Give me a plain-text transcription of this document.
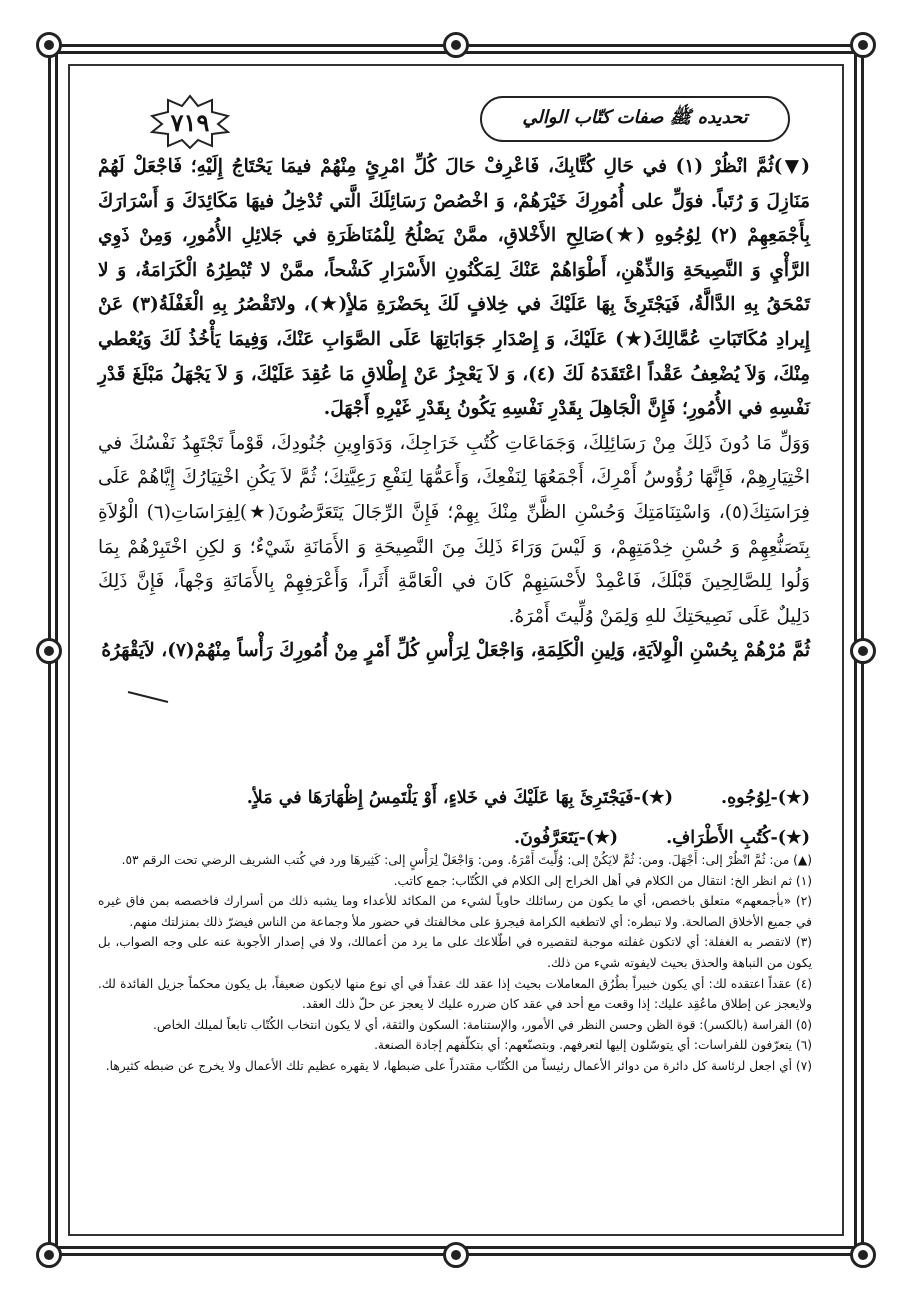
تحديده ﷺ صفات كتّاب الوالي
٧١٩

(▼)ثُمَّ انْظُرْ (١) في حَالِ كُتَّابِكَ، فَاعْرِفْ حَالَ كُلِّ امْرِئٍ مِنْهُمْ فيمَا يَحْتَاجُ إِلَيْهِ؛ فَاجْعَلْ لَهُمْ مَنَازِلَ وَ رُتَباً. فوَلِّ على أُمُورِكَ خَيْرَهُمْ، وَ اخْصُصْ رَسَائِلَكَ الَّتي تُدْخِلُ فيهَا مَكَائِدَكَ وَ أَسْرَارَكَ بِأَجْمَعِهِمْ (٢) لِوُجُوهِ (★)صَالِحِ الأَخْلاقِ، ممَّنْ يَصْلُحُ لِلْمُنَاظَرَةِ في جَلائِلِ الأُمُورِ، وَمِنْ ذَوِي الرَّأْيِ وَ النَّصِيحَةِ وَالذِّهْنِ، أَطْوَاهُمْ عَنْكَ لِمَكْنُونِ الأَسْرَارِ كَشْحاً، ممَّنْ لا تُبْطِرُهُ الْكَرَامَةُ، وَ لا تَمْحَقُ بِهِ الدَّالَّةُ، فَيَجْتَرِئَ بِهَا عَلَيْكَ في خِلافٍ لَكَ بِحَضْرَةِ مَلأٍ(★)، ولاتَقْصُرُ بِهِ الْغَفْلَةُ(٣) عَنْ إِيرادِ مُكَاتَبَاتِ عُمَّالِكَ(★) عَلَيْكَ، وَ إِصْدَارِ جَوَابَاتِهَا عَلَى الصَّوَابِ عَنْكَ، وَفِيمَا يَأْخُذُ لَكَ وَيُعْطي مِنْكَ، وَلاَ يُضْعِفُ عَقْداً اعْتَقَدَهُ لَكَ (٤)، وَ لاَ يَعْجِزُ عَنْ إِطْلاقِ مَا عُقِدَ عَلَيْكَ، وَ لاَ يَجْهَلُ مَبْلَغَ قَدْرِ نَفْسِهِ في الأُمُورِ؛ فَإِنَّ الْجَاهِلَ بِقَدْرِ نَفْسِهِ يَكُونُ بِقَدْرِ غَيْرِهِ أَجْهَلَ.

وَوَلِّ مَا دُونَ ذَلِكَ مِنْ رَسَائِلِكَ، وَجَمَاعَاتِ كُتُبِ خَرَاجِكَ، وَدَوَاوِينِ جُنُودِكَ، قَوْماً تَجْتَهِدُ نَفْسُكَ في اخْتِيَارِهِمْ، فَإِنَّهَا رُؤُوسُ أَمْرِكَ، أَجْمَعُهَا لِنَفْعِكَ، وَأَعَمُّهَا لِنَفْعِ رَعِيَّتِكَ؛ ثُمَّ لاَ يَكُنِ اخْتِيَارُكَ إِيَّاهُمْ عَلَى فِرَاسَتِكَ(٥)، وَاسْتِنَامَتِكَ وَحُسْنِ الظَّنِّ مِنْكَ بِهِمْ؛ فَإِنَّ الرِّجَالَ يَتَعَرَّضُونَ(★)لِفِرَاسَاتِ(٦) الْوُلاَةِ بِتَصَنُّعِهِمْ وَ حُسْنِ خِدْمَتِهِمْ، وَ لَيْسَ وَرَاءَ ذَلِكَ مِنَ النَّصِيحَةِ وَ الأَمَانَةِ شَيْءٌ؛ وَ لكِنِ اخْتَبِرْهُمْ بِمَا وَلُوا لِلصَّالِحِينَ قَبْلَكَ، فَاعْمِدْ لأَحْسَنِهِمْ كَانَ في الْعَامَّةِ أَثَراً، وَأَعْرَفِهِمْ بِالأَمَانَةِ وَجْهاً، فَإِنَّ ذَلِكَ دَلِيلٌ عَلَى نَصِيحَتِكَ للهِ وَلِمَنْ وُلِّيتَ أَمْرَهُ.

ثُمَّ مُرْهُمْ بِحُسْنِ الْوِلاَيَةِ، وَلِينِ الْكَلِمَةِ، وَاجْعَلْ لِرَأْسِ كُلِّ أَمْرٍ مِنْ أُمُورِكَ رَأْساً مِنْهُمْ(٧)، لاَيَقْهَرُهُ

(★)-لِوُجُوهِ.
(★)-فَيَجْتَرِئَ بِهَا عَلَيْكَ في خَلاءٍ، أَوْ يَلْتَمِسُ إِظْهَارَهَا في مَلأٍ.
(★)-كُتُبِ الأَطْرَافِ.
(★)-يَتَعَرَّفُونَ.

(▲) من: ثُمَّ انْظُرْ إلى: أَجْهَلَ. ومن: ثُمَّ لايَكُنْ إلى: وُلِّيتَ أَمْرَهُ. ومن: وَاجْعَلْ لِرَأْسٍ إلى: كَثِيرهَا ورد في كُتب الشريف الرضي تحت الرقم ٥٣.

(١) ثم انظر الخ: انتقال من الكلام في أهل الخراج إلى الكلام في الكُتّاب: جمع كاتب.

(٢) «بأجمعهم» متعلق باخصص، أي ما يكون من رسائلك حاوياً لشيء من المكائد للأعداء وما يشبه ذلك من أسرارك فاخصصه بمن فاق غيره في جميع الأخلاق الصالحة. ولا تبطره: أي لاتطغيه الكرامة فيجرؤ على مخالفتك في حضور ملأ وجماعة من الناس فيضرّ ذلك بمنزلتك منهم.

(٣) لاتقصر به الغفلة: أي لاتكون غفلته موجبة لتقصيره في اطّلاعك على ما يرد من أعمالك، ولا في إصدار الأجوبة عنه على وجه الصواب، بل يكون من النباهة والحذق بحيث لايفوته شيء من ذلك.

(٤) عقداً اعتقده لك: أي يكون خبيراً بطُرُق المعاملات بحيث إذا عقد لك عقداً في أي نوع منها لايكون ضعيفاً، بل يكون محكماً جزيل الفائدة لك. ولايعجز عن إطلاق ماعُقِد عليك: إذا وقعت مع أحد في عقد كان ضرره عليك لا يعجز عن حلّ ذلك العقد.

(٥) الفراسة (بالكسر): قوة الظن وحسن النظر في الأمور، والإستنامة: السكون والثقة، أي لا يكون انتخاب الكُتّاب تابعاً لميلك الخاص.

(٦) يتعرّفون للفراسات: أي يتوسّلون إليها لتعرفهم. وبتصنّعهم: أي بتكلّفهم إجادة الصنعة.

(٧) أي اجعل لرئاسة كل دائرة من دوائر الأعمال رئيساً من الكُتّاب مقتدراً على ضبطها، لا يقهره عظيم تلك الأعمال ولا يخرج عن ضبطه كثيرها.
